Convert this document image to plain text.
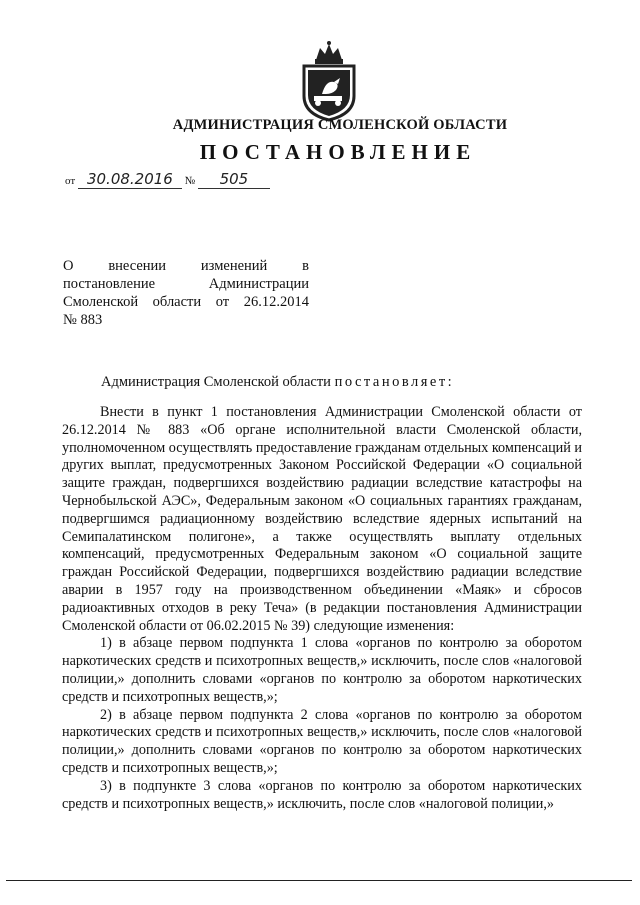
АДМИНИСТРАЦИЯ СМОЛЕНСКОЙ ОБЛАСТИ
ПОСТАНОВЛЕНИЕ
от 30.08.2016 № 505
О внесении изменений в
постановление Администрации
Смоленской области от 26.12.2014
№ 883
Администрация Смоленской области постановляет:

Внести в пункт 1 постановления Администрации Смоленской области от 26.12.2014 № 883 «Об органе исполнительной власти Смоленской области, уполномоченном осуществлять предоставление гражданам отдельных компенсаций и других выплат, предусмотренных Законом Российской Федерации «О социальной защите граждан, подвергшихся воздействию радиации вследствие катастрофы на Чернобыльской АЭС», Федеральным законом «О социальных гарантиях гражданам, подвергшимся радиационному воздействию вследствие ядерных испытаний на Семипалатинском полигоне», а также осуществлять выплату отдельных компенсаций, предусмотренных Федеральным законом «О социальной защите граждан Российской Федерации, подвергшихся воздействию радиации вследствие аварии в 1957 году на производственном объединении «Маяк» и сбросов радиоактивных отходов в реку Теча» (в редакции постановления Администрации Смоленской области от 06.02.2015 № 39) следующие изменения:

1) в абзаце первом подпункта 1 слова «органов по контролю за оборотом наркотических средств и психотропных веществ,» исключить, после слов «налоговой полиции,» дополнить словами «органов по контролю за оборотом наркотических средств и психотропных веществ,»;

2) в абзаце первом подпункта 2 слова «органов по контролю за оборотом наркотических средств и психотропных веществ,» исключить, после слов «налоговой полиции,» дополнить словами «органов по контролю за оборотом наркотических средств и психотропных веществ,»;

3) в подпункте 3 слова «органов по контролю за оборотом наркотических средств и психотропных веществ,» исключить, после слов «налоговой полиции,»
